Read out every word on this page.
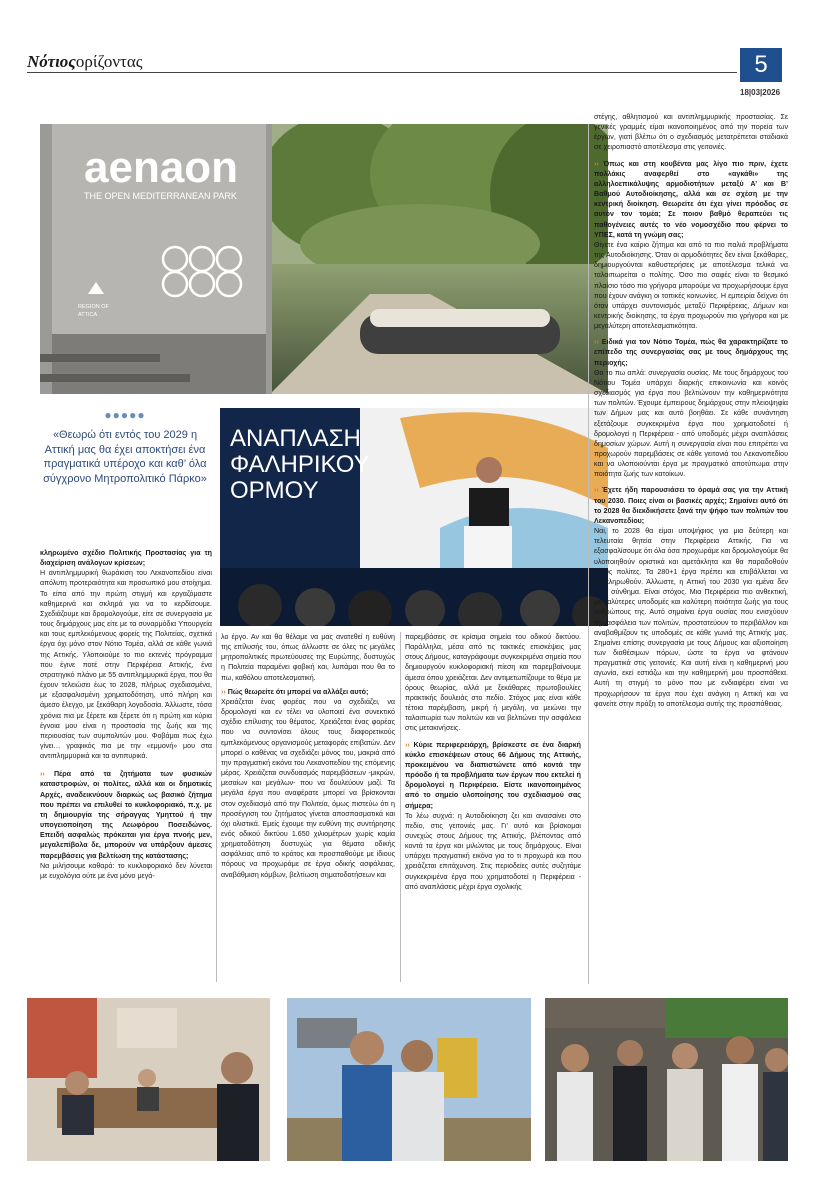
Nότιοςορίζοντας	5
18|03|2026
aenaon
THE OPEN MEDITERRANEAN PARK
REGION OF
ATTICA
●●●●●
«Θεωρώ ότι εντός του 2029 η Αττική μας θα έχει αποκτήσει ένα πραγματικά υπέροχο και καθ’ όλα σύγχρονο Μητροπολιτικό Πάρκο»
ΑΝΑΠΛΑΣΗ
ΦΑΛΗΡΙΚΟΥ
ΟΡΜΟΥ

κληρωμένο σχέδιο Πολιτικής Προστασίας για τη διαχείριση ανάλογων κρίσεων;

Η αντιπλημμυρική θωράκιση του Λεκανοπεδίου είναι απόλυτη προτεραιότητα και προσωπικό μου στοίχημα. Το είπα από την πρώτη στιγμή και εργαζόμαστε καθημερινά και σκληρά για να το κερδίσουμε. Σχεδιάζουμε και δρομολογούμε, είτε σε συνεργασία με τους δημάρχους μας είτε με τα συναρμόδια Υπουργεία και τους εμπλεκόμενους φορείς της Πολιτείας, σχετικά έργα όχι μόνο στον Νότιο Τομέα, αλλά σε κάθε γωνιά της Αττικής. Υλοποιούμε το πιο εκτενές πρόγραμμα που έγινε ποτέ στην Περιφέρεια Αττικής, ένα στρατηγικό πλάνο με 55 αντιπλημμυρικά έργα, που θα έχουν τελειώσει έως το 2028, πλήρως σχεδιασμένα, με εξασφαλισμένη χρηματοδότηση, υπό πλήρη και άμεσο έλεγχο, με ξεκάθαρη λογοδοσία. Άλλωστε, τόσα χρόνια πια με ξέρετε και ξέρετε ότι η πρώτη και κύρια έγνοια μου είναι η προστασία της ζωής και της περιουσίας των συμπολιτών μου. Φοβάμαι πως έχω γίνει… γραφικός πια με την «εμμονή» μου στα αντιπλημμυρικά και τα αντιπυρικά.

›› Πέρα από τα ζητήματα των φυσικών καταστροφών, οι πολίτες, αλλά και οι δημοτικές Αρχές, αναδεικνύουν διαρκώς ως βασικό ζήτημα που πρέπει να επιλυθεί το κυκλοφοριακό, π.χ. με τη δημιουργία της σήραγγας Υμηττού ή την υπογειοποίηση της Λεωφόρου Ποσειδώνος. Επειδή ασφαλώς πρόκειται για έργα πνοής μεν, μεγαλεπίβολα δε, μπορούν να υπάρξουν άμεσες παρεμβάσεις για βελτίωση της κατάστασης;

Να μιλήσουμε καθαρά: το κυκλοφοριακό δεν λύνεται με ευχολόγια ούτε με ένα μόνο μεγά-

λο έργο. Αν και θα θέλαμε να μας ανατεθεί η ευθύνη της επίλυσής του, όπως άλλωστε σε όλες τις μεγάλες μητροπολιτικές πρωτεύουσες της Ευρώπης, δυστυχώς η Πολιτεία παραμένει φοβική και, λυπάμαι που θα το πω, καθόλου αποτελεσματική.

›› Πώς θεωρείτε ότι μπορεί να αλλάξει αυτό;

Χρειάζεται ένας φορέας που να σχεδιάζει, να δρομολογεί και εν τέλει να υλοποιεί ένα συνεκτικό σχέδιο επίλυσης του θέματος. Χρειάζεται ένας φορέας που να συντονίσει όλους τους διαφορετικούς εμπλεκόμενους οργανισμούς μεταφοράς επιβατών. Δεν μπορεί ο καθένας να σχεδιάζει μόνος του, μακριά από την πραγματική εικόνα του Λεκανοπεδίου της επόμενης μέρας. Χρειάζεται συνδυασμός παρεμβάσεων -μικρών, μεσαίων και μεγάλων- που να δουλεύουν μαζί. Τα μεγάλα έργα που αναφέρατε μπορεί να βρίσκονται στον σχεδιασμό από την Πολιτεία, όμως πιστεύω ότι η προσέγγιση του ζητήματος γίνεται αποσπασματικά και όχι ολιστικά. Εμείς έχουμε την ευθύνη της συντήρησης ενός οδικού δικτύου 1.650 χιλιομέτρων χωρίς καμία χρηματοδότηση δυστυχώς για θέματα οδικής ασφάλειας από το κράτος και προσπαθούμε με ίδιους πόρους να προχωράμε σε έργα οδικής ασφάλειας, αναβάθμιση κόμβων, βελτίωση σηματοδοτήσεων και

παρεμβάσεις σε κρίσιμα σημεία του οδικού δικτύου. Παράλληλα, μέσα από τις τακτικές επισκέψεις μας στους Δήμους, καταγράφουμε συγκεκριμένα σημεία που δημιουργούν κυκλοφοριακή πίεση και παρεμβαίνουμε άμεσα όπου χρειάζεται. Δεν αντιμετωπίζουμε το θέμα με όρους θεωρίας, αλλά με ξεκάθαρες πρωτοβουλίες πρακτικής δουλειάς στο πεδίο. Στόχος μας είναι κάθε τέτοια παρέμβαση, μικρή ή μεγάλη, να μειώνει την ταλαιπωρία των πολιτών και να βελτιώνει την ασφάλεια στις μετακινήσεις.

›› Κύριε περιφερειάρχη, βρίσκεστε σε ένα διαρκή κύκλο επισκέψεων στους 66 Δήμους της Αττικής, προκειμένου να διαπιστώνετε από κοντά την πρόοδο ή τα προβλήματα των έργων που εκτελεί ή δρομολογεί η Περιφέρεια. Είστε ικανοποιημένος από το σημείο υλοποίησης του σχεδιασμού σας σήμερα;

Το λέω συχνά: η Αυτοδιοίκηση ζει και ανασαίνει στο πεδίο, στις γειτονιές μας. Γι’ αυτό και βρίσκομαι συνεχώς στους Δήμους της Αττικής, βλέποντας από κοντά τα έργα και μιλώντας με τους δημάρχους. Είναι υπάρχει πραγματική εικόνα για το τι προχωρά και που χρειάζεται επιτάχυνση. Στις περιοδείες αυτές συζητάμε συγκεκριμένα έργα που χρηματοδοτεί η Περιφέρεια - από αναπλάσεις μέχρι έργα σχολικής

στέγης, αθλητισμού και αντιπλημμυρικής προστασίας. Σε γενικές γραμμές είμαι ικανοποιημένος από την πορεία των έργων, γιατί βλέπω ότι ο σχεδιασμός μετατρέπεται σταδιακά σε χειροπιαστό αποτέλεσμα στις γειτονιές.

›› Όπως και στη κουβέντα μας λίγο πιο πριν, έχετε πολλάκις αναφερθεί στο «αγκάθι» της αλληλοεπικάλυψης αρμοδιοτήτων μεταξύ Α’ και Β’ Βαθμού Αυτοδιοίκησης, αλλά και σε σχέση με την κεντρική διοίκηση. Θεωρείτε ότι έχει γίνει πρόοδος σε αυτόν τον τομέα; Σε ποιον βαθμό θεραπεύει τις παθογένειες αυτές το νέο νομοσχέδιο που φέρνει το ΥΠΕΣ, κατά τη γνώμη σας;

Θίγετε ένα καίριο ζήτημα και από τα πιο παλιά προβλήματα της Αυτοδιοίκησης. Όταν οι αρμοδιότητες δεν είναι ξεκάθαρες, δημιουργούνται καθυστερήσεις με αποτέλεσμα τελικά να ταλαιπωρείται ο πολίτης. Όσο πιο σαφές είναι το θεσμικό πλαίσιο τόσο πιο γρήγορα μπορούμε να προχωρήσουμε έργα που έχουν ανάγκη οι τοπικές κοινωνίες. Η εμπειρία δείχνει ότι όταν υπάρχει συντονισμός μεταξύ Περιφέρειας, Δήμων και κεντρικής διοίκησης, τα έργα προχωρούν πιο γρήγορα και με μεγαλύτερη αποτελεσματικότητα.

›› Ειδικά για τον Νότιο Τομέα, πώς θα χαρακτηρίζατε το επίπεδο της συνεργασίας σας με τους δημάρχους της περιοχής;

Θα το πω απλά: συνεργασία ουσίας. Με τους δημάρχους του Νότιου Τομέα υπάρχει διαρκής επικοινωνία και κοινός σχεδιασμός για έργα που βελτιώνουν την καθημερινότητα των πολιτών. Έχουμε έμπειρους δημάρχους στην πλειοψηφία των Δήμων μας και αυτό βοηθάει. Σε κάθε συνάντηση εξετάζουμε συγκεκριμένα έργα που χρηματοδοτεί ή δρομολογεί η Περιφέρεια - από υποδομές μέχρι αναπλάσεις δημοσίων χώρων. Αυτή η συνεργασία είναι που επιτρέπει να προχωρούν παρεμβάσεις σε κάθε γειτονιά του Λεκανοπεδίου και να υλοποιούνται έργα με πραγματικό αποτύπωμα στην ποιότητα ζωής των κατοίκων.

›› Έχετε ήδη παρουσιάσει το όραμά σας για την Αττική του 2030. Ποιες είναι οι βασικές αρχές; Σημαίνει αυτό ότι το 2028 θα διεκδικήσετε ξανά την ψήφο των πολιτών του Λεκανοπεδίου;

Ναι, το 2028 θα είμαι υποψήφιος για μια δεύτερη και τελευταία θητεία στην Περιφέρεια Αττικής. Για να εξασφαλίσουμε ότι όλα όσα προχωράμε και δρομολογούμε θα υλοποιηθούν οριστικά και αμετάκλητα και θα παραδοθούν στους πολίτες. Τα 280+1 έργα πρέπει και επιβάλλεται να ολοκληρωθούν. Άλλωστε, η Αττική του 2030 για εμένα δεν είναι σύνθημα. Είναι στόχος. Μια Περιφέρεια πιο ανθεκτική, με καλύτερες υποδομές και καλύτερη ποιότητα ζωής για τους ανθρώπους της. Αυτό σημαίνει έργα ουσίας που ενισχύουν την ασφάλεια των πολιτών, προστατεύουν το περιβάλλον και αναβαθμίζουν τις υποδομές σε κάθε γωνιά της Αττικής μας. Σημαίνει επίσης συνεργασία με τους Δήμους και αξιοποίηση των διαθέσιμων πόρων, ώστε τα έργα να φτάνουν πραγματικά στις γειτονιές. Και αυτή είναι η καθημερινή μου αγωνία, εκεί εστιάζω και την καθημερινή μου προσπάθεια. Αυτή τη στιγμή το μόνο που με ενδιαφέρει είναι να προχωρήσουν τα έργα που έχει ανάγκη η Αττική και να φανείτε στην πράξη το αποτέλεσμα αυτής της προσπάθειας.
